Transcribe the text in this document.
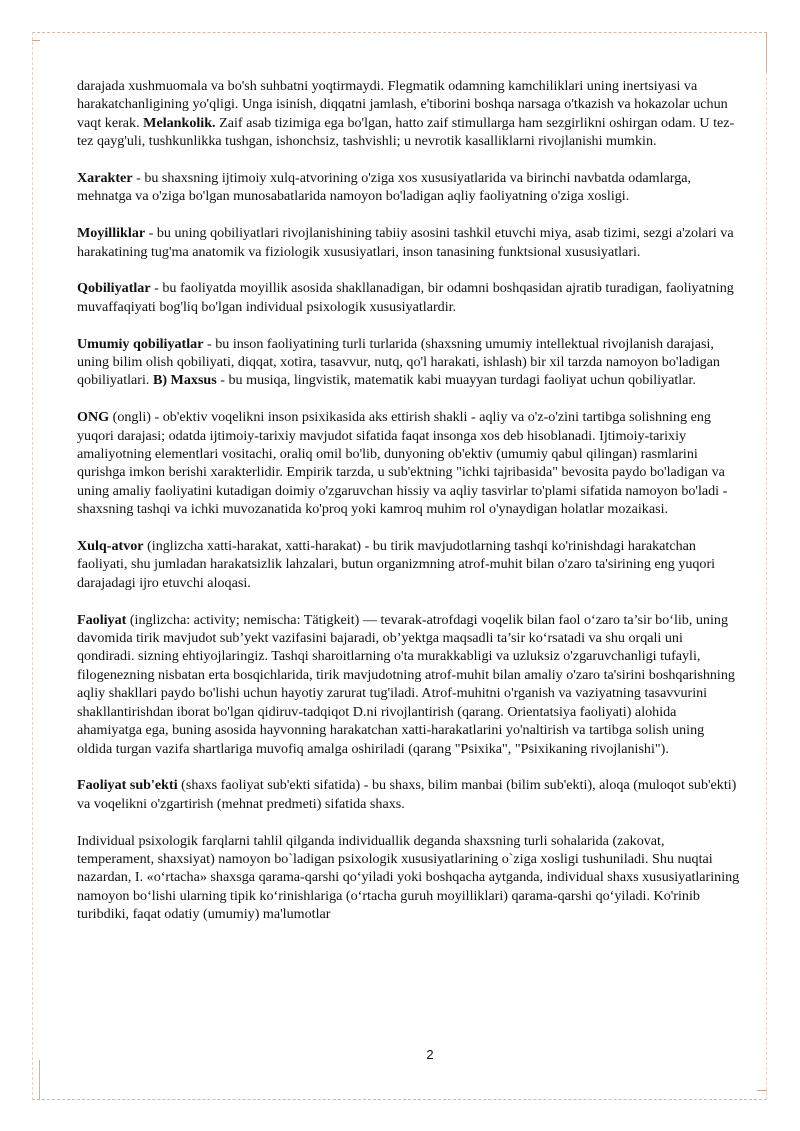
darajada xushmuomala va bo'sh suhbatni yoqtirmaydi. Flegmatik odamning kamchiliklari uning inertsiyasi va harakatchanligining yo'qligi. Unga isinish, diqqatni jamlash, e'tiborini boshqa narsaga o'tkazish va hokazolar uchun vaqt kerak. Melankolik. Zaif asab tizimiga ega bo'lgan, hatto zaif stimullarga ham sezgirlikni oshirgan odam. U tez-tez qayg'uli, tushkunlikka tushgan, ishonchsiz, tashvishli; u nevrotik kasalliklarni rivojlanishi mumkin.

Xarakter - bu shaxsning ijtimoiy xulq-atvorining o'ziga xos xususiyatlarida va birinchi navbatda odamlarga, mehnatga va o'ziga bo'lgan munosabatlarida namoyon bo'ladigan aqliy faoliyatning o'ziga xosligi.

Moyilliklar - bu uning qobiliyatlari rivojlanishining tabiiy asosini tashkil etuvchi miya, asab tizimi, sezgi a'zolari va harakatining tug'ma anatomik va fiziologik xususiyatlari, inson tanasining funktsional xususiyatlari.

Qobiliyatlar - bu faoliyatda moyillik asosida shakllanadigan, bir odamni boshqasidan ajratib turadigan, faoliyatning muvaffaqiyati bog'liq bo'lgan individual psixologik xususiyatlardir.

Umumiy qobiliyatlar - bu inson faoliyatining turli turlarida (shaxsning umumiy intellektual rivojlanish darajasi, uning bilim olish qobiliyati, diqqat, xotira, tasavvur, nutq, qo'l harakati, ishlash) bir xil tarzda namoyon bo'ladigan qobiliyatlari. B) Maxsus - bu musiqa, lingvistik, matematik kabi muayyan turdagi faoliyat uchun qobiliyatlar.

ONG (ongli) - ob'ektiv voqelikni inson psixikasida aks ettirish shakli - aqliy va o'z-o'zini tartibga solishning eng yuqori darajasi; odatda ijtimoiy-tarixiy mavjudot sifatida faqat insonga xos deb hisoblanadi. Ijtimoiy-tarixiy amaliyotning elementlari vositachi, oraliq omil bo'lib, dunyoning ob'ektiv (umumiy qabul qilingan) rasmlarini qurishga imkon berishi xarakterlidir. Empirik tarzda, u sub'ektning "ichki tajribasida" bevosita paydo bo'ladigan va uning amaliy faoliyatini kutadigan doimiy o'zgaruvchan hissiy va aqliy tasvirlar to'plami sifatida namoyon bo'ladi - shaxsning tashqi va ichki muvozanatida ko'proq yoki kamroq muhim rol o'ynaydigan holatlar mozaikasi.

Xulq-atvor (inglizcha xatti-harakat, xatti-harakat) - bu tirik mavjudotlarning tashqi ko'rinishdagi harakatchan faoliyati, shu jumladan harakatsizlik lahzalari, butun organizmning atrof-muhit bilan o'zaro ta'sirining eng yuqori darajadagi ijro etuvchi aloqasi.

Faoliyat (inglizcha: activity; nemischa: Tätigkeit) — tevarak-atrofdagi voqelik bilan faol o‘zaro ta’sir bo‘lib, uning davomida tirik mavjudot sub’yekt vazifasini bajaradi, ob’yektga maqsadli ta’sir ko‘rsatadi va shu orqali uni qondiradi. sizning ehtiyojlaringiz. Tashqi sharoitlarning o'ta murakkabligi va uzluksiz o'zgaruvchanligi tufayli, filogenezning nisbatan erta bosqichlarida, tirik mavjudotning atrof-muhit bilan amaliy o'zaro ta'sirini boshqarishning aqliy shakllari paydo bo'lishi uchun hayotiy zarurat tug'iladi. Atrof-muhitni o'rganish va vaziyatning tasavvurini shakllantirishdan iborat bo'lgan qidiruv-tadqiqot D.ni rivojlantirish (qarang. Orientatsiya faoliyati) alohida ahamiyatga ega, buning asosida hayvonning harakatchan xatti-harakatlarini yo'naltirish va tartibga solish uning oldida turgan vazifa shartlariga muvofiq amalga oshiriladi (qarang "Psixika", "Psixikaning rivojlanishi").

Faoliyat sub'ekti (shaxs faoliyat sub'ekti sifatida) - bu shaxs, bilim manbai (bilim sub'ekti), aloqa (muloqot sub'ekti) va voqelikni o'zgartirish (mehnat predmeti) sifatida shaxs.

Individual psixologik farqlarni tahlil qilganda individuallik deganda shaxsning turli sohalarida (zakovat, temperament, shaxsiyat) namoyon bo`ladigan psixologik xususiyatlarining o`ziga xosligi tushuniladi. Shu nuqtai nazardan, I. «o‘rtacha» shaxsga qarama-qarshi qo‘yiladi yoki boshqacha aytganda, individual shaxs xususiyatlarining namoyon bo‘lishi ularning tipik ko‘rinishlariga (o‘rtacha guruh moyilliklari) qarama-qarshi qo‘yiladi. Ko'rinib turibdiki, faqat odatiy (umumiy) ma'lumotlar

2
